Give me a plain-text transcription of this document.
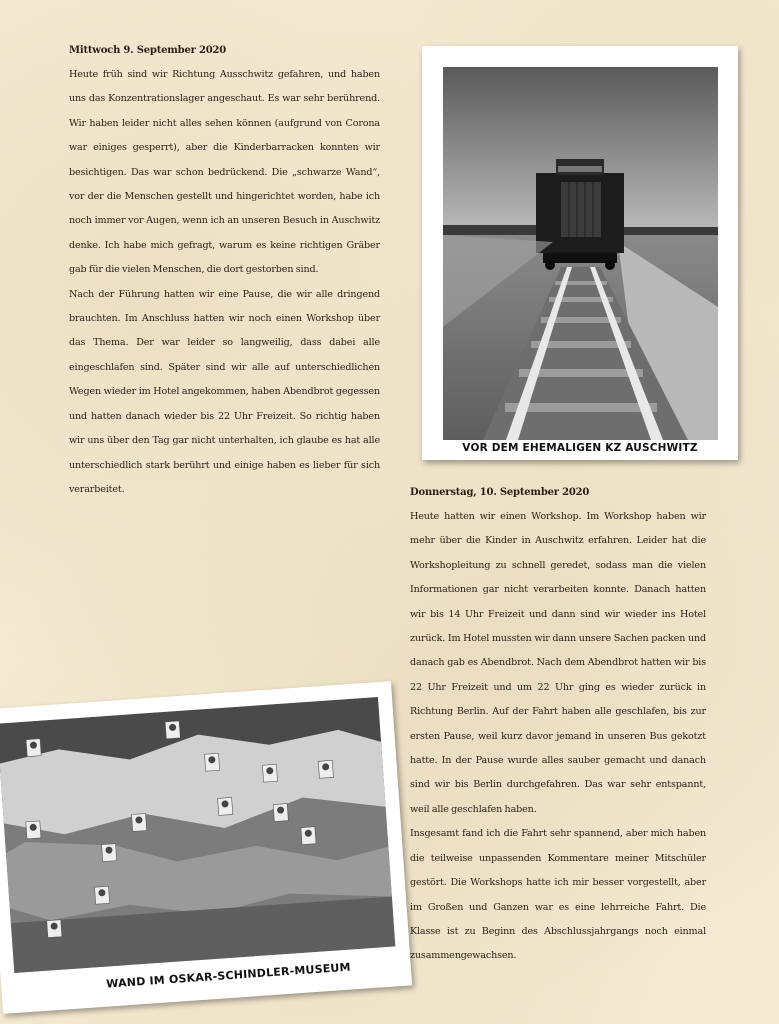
Mittwoch 9. September 2020

Heute früh sind wir Richtung Ausschwitz gefahren, und haben uns das Konzentrationslager angeschaut. Es war sehr berührend. Wir haben leider nicht alles sehen können (aufgrund von Corona war einiges gesperrt), aber die Kinderbarracken konnten wir besichtigen. Das war schon bedrückend. Die „schwarze Wand“, vor der die Menschen gestellt und hingerichtet worden, habe ich noch immer vor Augen, wenn ich an unseren Besuch in Auschwitz denke. Ich habe mich gefragt, warum es keine richtigen Gräber gab für die vielen Menschen, die dort gestorben sind.

Nach der Führung hatten wir eine Pause, die wir alle dringend brauchten. Im Anschluss hatten wir noch einen Workshop über das Thema. Der war leider so langweilig, dass dabei alle eingeschlafen sind. Später sind wir alle auf unterschiedlichen Wegen wieder im Hotel angekommen, haben Abendbrot gegessen und hatten danach wieder bis 22 Uhr Freizeit. So richtig haben wir uns über den Tag gar nicht unterhalten, ich glaube es hat alle unterschiedlich stark berührt und einige haben es lieber für sich verarbeitet.

VOR DEM EHEMALIGEN KZ AUSCHWITZ
Donnerstag, 10. September 2020

Heute hatten wir einen Workshop. Im Workshop haben wir mehr über die Kinder in Auschwitz erfahren. Leider hat die Workshopleitung zu schnell geredet, sodass man die vielen Informationen gar nicht verarbeiten konnte. Danach hatten wir bis 14 Uhr Freizeit und dann sind wir wieder ins Hotel zurück. Im Hotel mussten wir dann unsere Sachen packen und danach gab es Abendbrot. Nach dem Abendbrot hatten wir bis 22 Uhr Freizeit und um 22 Uhr ging es wieder zurück in Richtung Berlin. Auf der Fahrt haben alle geschlafen, bis zur ersten Pause, weil kurz davor jemand in unseren Bus gekotzt hatte. In der Pause wurde alles sauber gemacht und danach sind wir bis Berlin durchgefahren. Das war sehr entspannt, weil alle geschlafen haben.

Insgesamt fand ich die Fahrt sehr spannend, aber mich haben die teilweise unpassenden Kommentare meiner Mitschüler gestört. Die Workshops hatte ich mir besser vorgestellt, aber im Großen und Ganzen war es eine lehrreiche Fahrt. Die Klasse ist zu Beginn des Abschlussjahrgangs noch einmal zusammengewachsen.

WAND IM OSKAR-SCHINDLER-MUSEUM
